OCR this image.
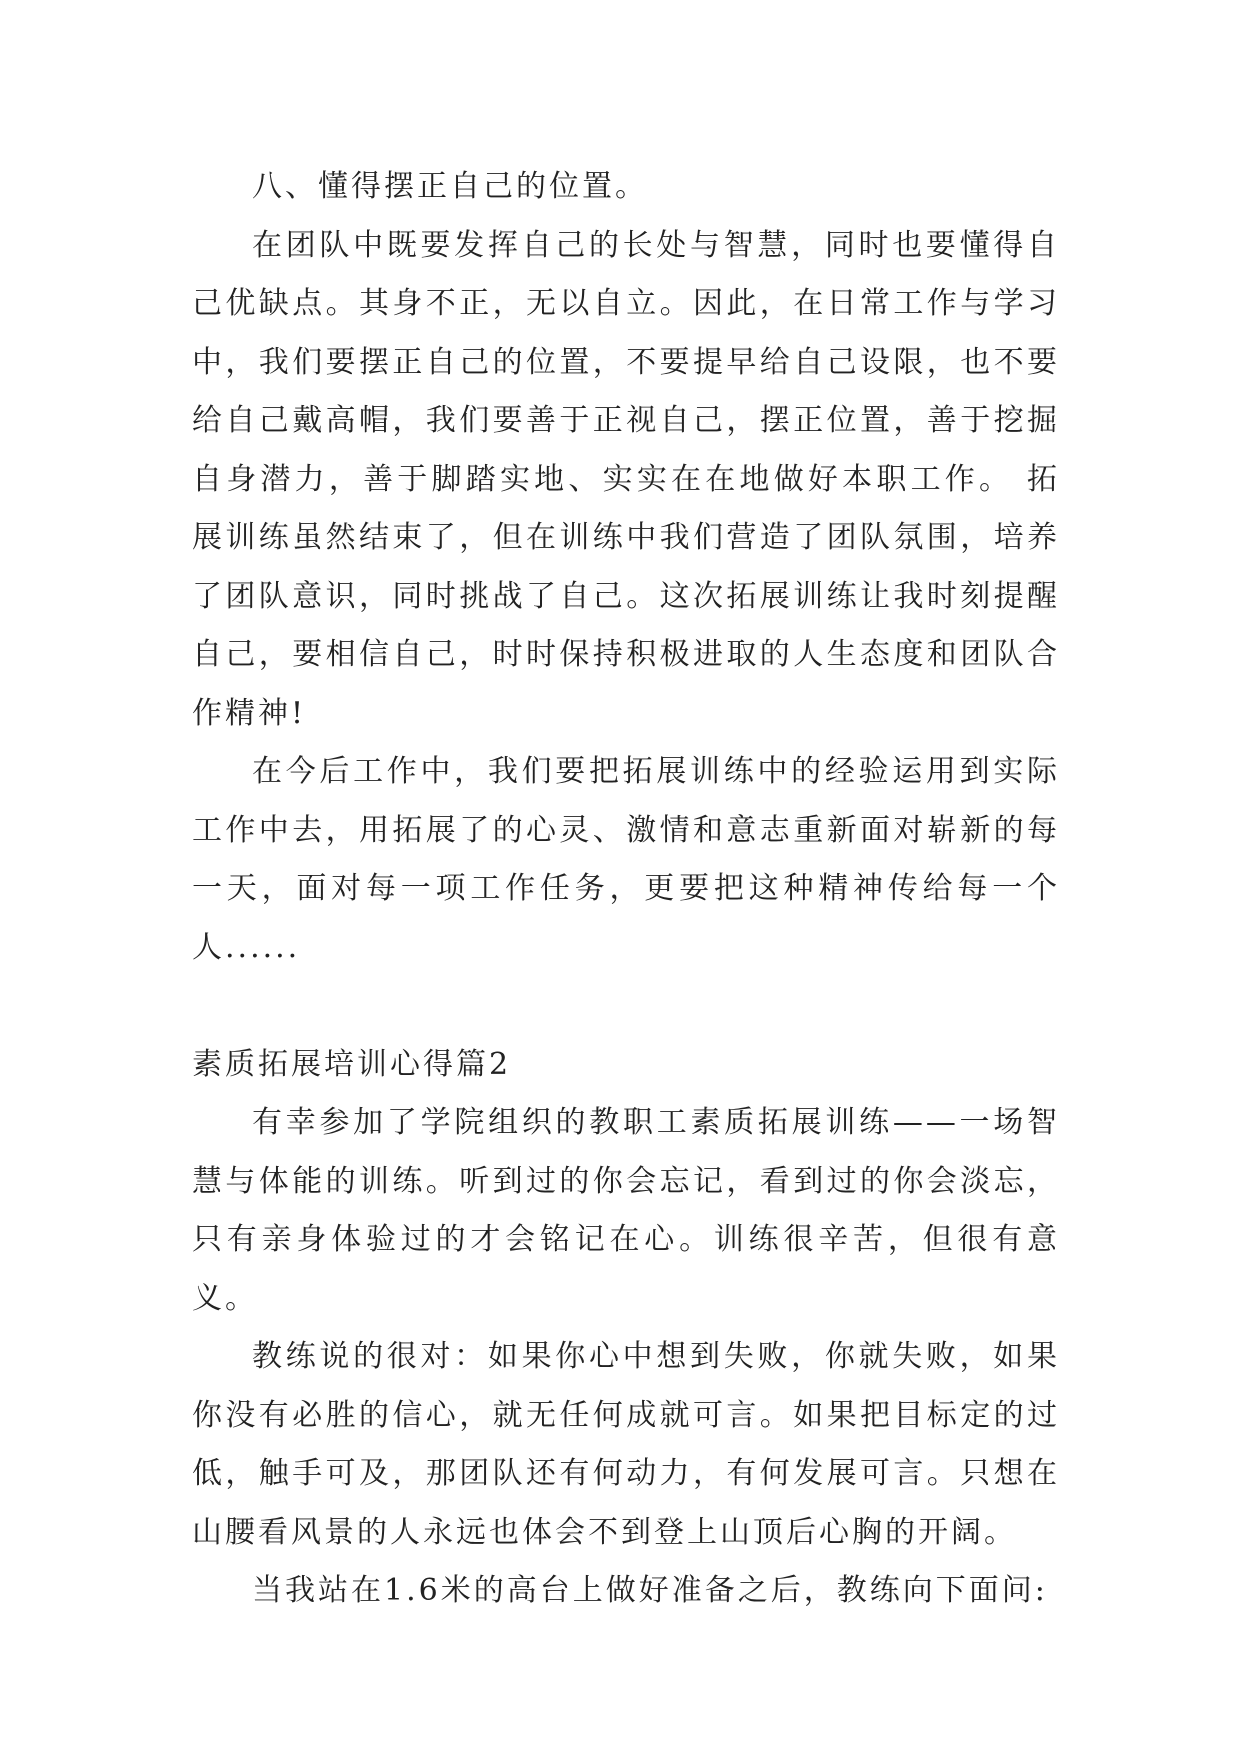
八、懂得摆正自己的位置。

在团队中既要发挥自己的长处与智慧，同时也要懂得自己优缺点。其身不正，无以自立。因此，在日常工作与学习中，我们要摆正自己的位置，不要提早给自己设限，也不要给自己戴高帽，我们要善于正视自己，摆正位置，善于挖掘自身潜力，善于脚踏实地、实实在在地做好本职工作。 拓展训练虽然结束了，但在训练中我们营造了团队氛围，培养了团队意识，同时挑战了自己。这次拓展训练让我时刻提醒自己，要相信自己，时时保持积极进取的人生态度和团队合作精神!

在今后工作中，我们要把拓展训练中的经验运用到实际工作中去，用拓展了的心灵、激情和意志重新面对崭新的每一天，面对每一项工作任务，更要把这种精神传给每一个人......

素质拓展培训心得篇2

有幸参加了学院组织的教职工素质拓展训练——一场智慧与体能的训练。听到过的你会忘记，看到过的你会淡忘，只有亲身体验过的才会铭记在心。训练很辛苦，但很有意义。

教练说的很对：如果你心中想到失败，你就失败，如果你没有必胜的信心，就无任何成就可言。如果把目标定的过低，触手可及，那团队还有何动力，有何发展可言。只想在山腰看风景的人永远也体会不到登上山顶后心胸的开阔。

当我站在1.6米的高台上做好准备之后，教练向下面问:
